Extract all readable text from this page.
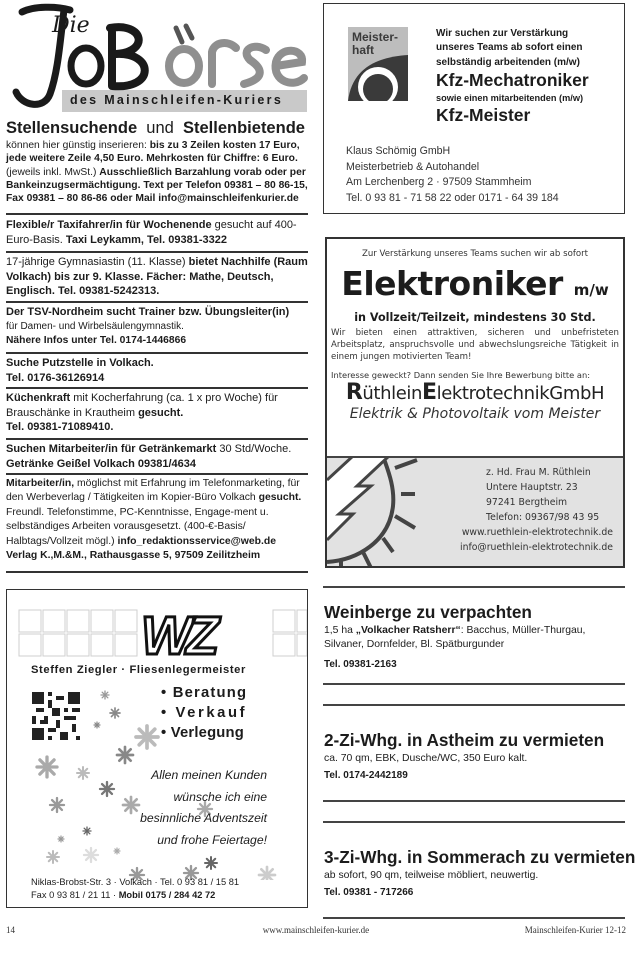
Die
des Mainschleifen-Kuriers
Stellensuchende und Stellenbietende
können hier günstig inserieren: bis zu 3 Zeilen kosten 17 Euro, jede weitere Zeile 4,50 Euro. Mehrkosten für Chiffre: 6 Euro. (jeweils inkl. MwSt.) Ausschließlich Barzahlung vorab oder per Bankeinzugsermächtigung. Text per Telefon 09381 – 80 86-15, Fax 09381 – 80 86-86 oder Mail info@mainschleifenkurier.de
Flexible/r Taxifahrer/in für Wochenende gesucht auf 400-Euro-Basis. Taxi Leykamm, Tel. 09381-3322
17-jährige Gymnasiastin (11. Klasse) bietet Nachhilfe (Raum Volkach) bis zur 9. Klasse. Fächer: Mathe, Deutsch, Englisch. Tel. 09381-5242313.
Der TSV-Nordheim sucht Trainer bzw. Übungsleiter(in)
für Damen- und Wirbelsäulengymnastik.
Nähere Infos unter Tel. 0174-1446866
Suche Putzstelle in Volkach.
Tel. 0176-36126914
Küchenkraft mit Kocherfahrung (ca. 1 x pro Woche) für Brauschänke in Krautheim gesucht.
Tel. 09381-71089410.
Suchen Mitarbeiter/in für Getränkemarkt 30 Std/Woche.
Getränke Geißel Volkach 09381/4634
Mitarbeiter/in, möglichst mit Erfahrung im Telefonmarketing, für den Werbeverlag / Tätigkeiten im Kopier-Büro Volkach gesucht. Freundl. Telefonstimme, PC-Kenntnisse, Engage-ment u. selbständiges Arbeiten vorausgesetzt. (400-€-Basis/ Halbtags/Vollzeit mögl.) info_redaktionsservice@web.de
Verlag K.,M.&M., Rathausgasse 5, 97509 Zeilitzheim
Meister-
haft
Wir suchen zur Verstärkung
unseres Teams ab sofort einen
selbständig arbeitenden (m/w)
Kfz-Mechatroniker
sowie einen mitarbeitenden (m/w)
Kfz-Meister
Klaus Schömig GmbH
Meisterbetrieb & Autohandel
Am Lerchenberg 2 · 97509 Stammheim
Tel. 0 93 81 - 71 58 22 oder 0171 - 64 39 184
Zur Verstärkung unseres Teams suchen wir ab sofort
Elektroniker m/w
in Vollzeit/Teilzeit, mindestens 30 Std.
Wir bieten einen attraktiven, sicheren und unbefristeten Arbeitsplatz, anspruchsvolle und abwechslungsreiche Tätigkeit in einem jungen motivierten Team!
Interesse geweckt? Dann senden Sie Ihre Bewerbung bitte an:
RüthleinElektrotechnikGmbH
Elektrik & Photovoltaik vom Meister
z. Hd. Frau M. Rüthlein
Untere Hauptstr. 23
97241 Bergtheim
Telefon: 09367/98 43 95
www.ruethlein-elektrotechnik.de
info@ruethlein-elektrotechnik.de
WZ
Steffen Ziegler · Fliesenlegermeister
• Beratung
• Verkauf
• Verlegung
Allen meinen Kunden
wünsche ich eine
besinnliche Adventszeit
und frohe Feiertage!
Niklas-Brobst-Str. 3 · Volkach · Tel. 0 93 81 / 15 81
Fax 0 93 81 / 21 11 · Mobil 0175 / 284 42 72
Weinberge zu verpachten
1,5 ha „Volkacher Ratsherr“: Bacchus, Müller-Thurgau,
Silvaner, Dornfelder, Bl. Spätburgunder
Tel. 09381-2163
2-Zi-Whg. in Astheim zu vermieten
ca. 70 qm, EBK, Dusche/WC, 350 Euro kalt.
Tel. 0174-2442189
3-Zi-Whg. in Sommerach zu vermieten
ab sofort, 90 qm, teilweise möbliert, neuwertig.
Tel. 09381 - 717266
14	www.mainschleifen-kurier.de	Mainschleifen-Kurier 12-12
